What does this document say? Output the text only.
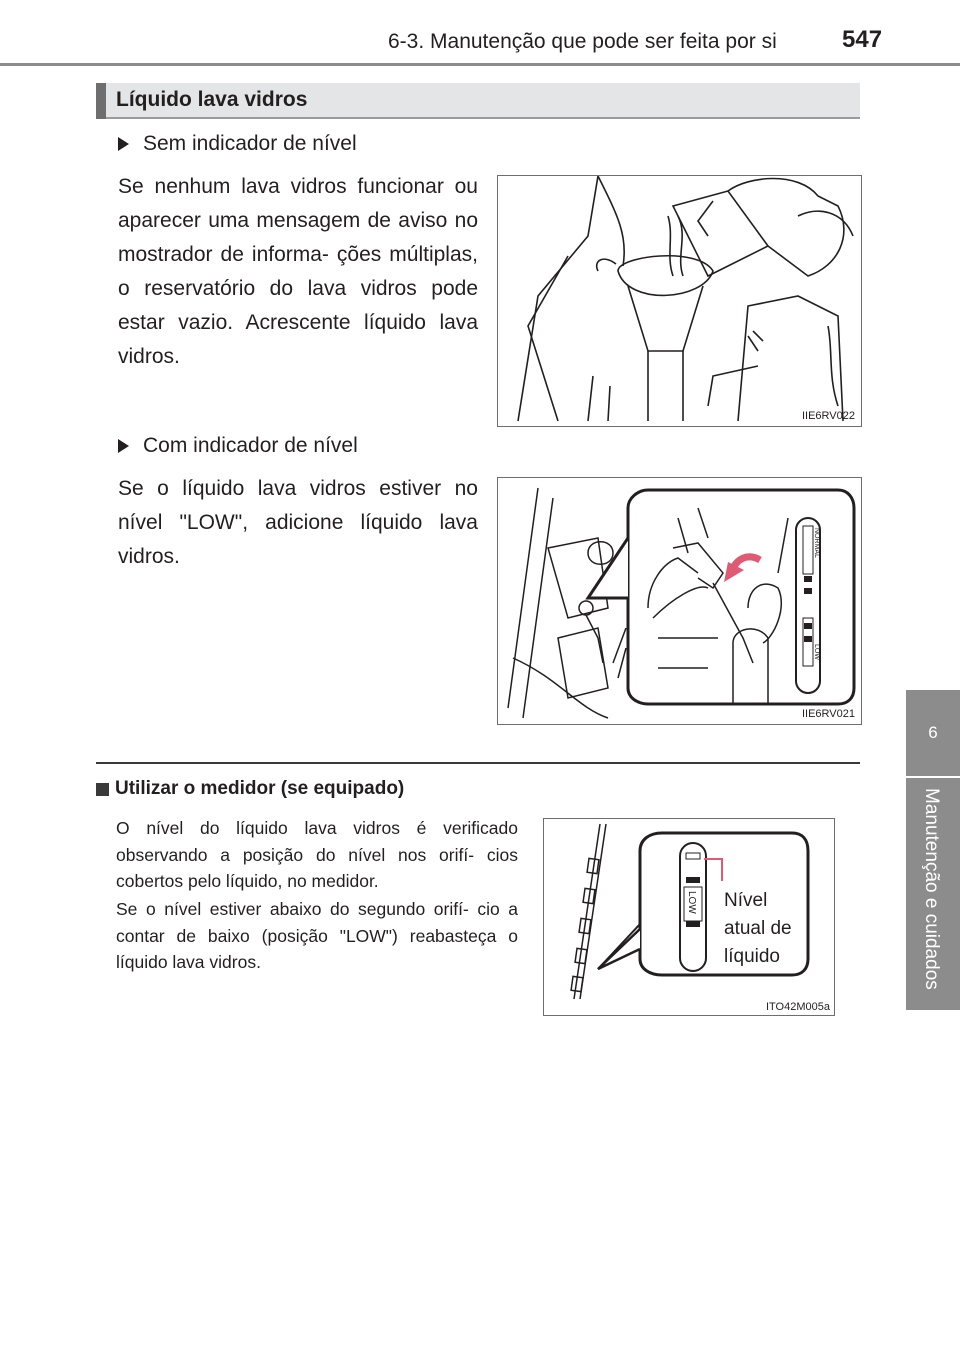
6-3. Manutenção que pode ser feita por si	547
6
Manutenção e cuidados
Líquido lava vidros
Sem indicador de nível
Se nenhum lava vidros funcionar ou aparecer uma mensagem de aviso no mostrador de informa- ções múltiplas, o reservatório do lava vidros pode estar vazio. Acrescente líquido lava vidros.
IIE6RV022
Com indicador de nível
Se o líquido lava vidros estiver no nível "LOW", adicione líquido lava vidros.	NORMAL
LOW
IIE6RV021
Utilizar o medidor (se equipado)
O nível do líquido lava vidros é verificado observando a posição do nível nos orifí- cios cobertos pelo líquido, no medidor.
Se o nível estiver abaixo do segundo orifí- cio a contar de baixo (posição "LOW") reabasteça o líquido lava vidros.
LOW Nível
atual de
líquido
ITO42M005a
